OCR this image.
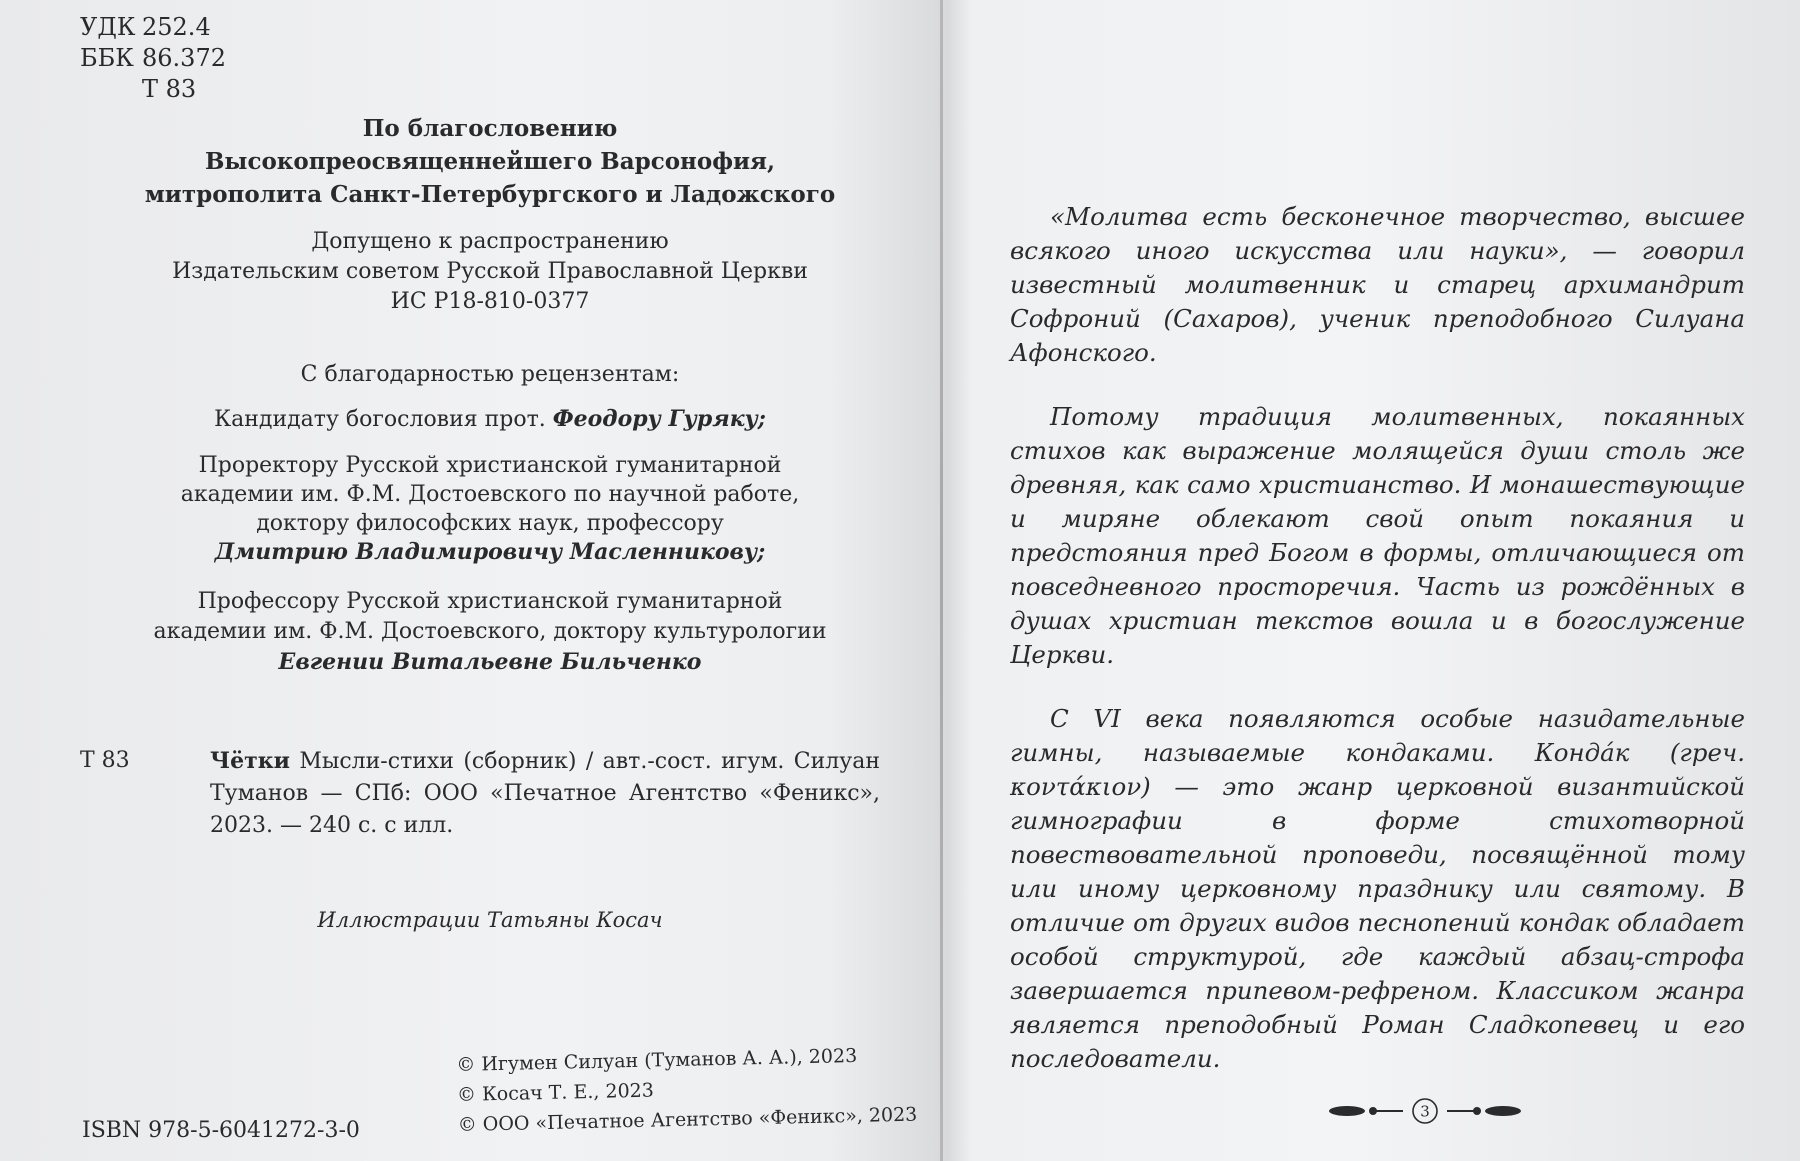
УДК 252.4
ББК 86.372
Т 83
По благословению
Высокопреосвященнейшего Варсонофия,
митрополита Санкт-Петербургского и Ладожского
Допущено к распространению
Издательским советом Русской Православной Церкви
ИС Р18-810-0377
С благодарностью рецензентам:
Кандидату богословия прот. Феодору Гуряку;
Проректору Русской христианской гуманитарной
академии им. Ф.М. Достоевского по научной работе,
доктору философских наук, профессору
Дмитрию Владимировичу Масленникову;
Профессору Русской христианской гуманитарной
академии им. Ф.М. Достоевского, доктору культурологии
Евгении Витальевне Бильченко
Т 83	Чётки Мысли-стихи (сборник) / авт.-сост. игум. Силуан Туманов — СПб: ООО «Печатное Агентство «Феникс», 2023. — 240 с. с илл.
Иллюстрации Татьяны Косач
© Игумен Силуан (Туманов А. А.), 2023
© Косач Т. Е., 2023
© ООО «Печатное Агентство «Феникс», 2023
ISBN 978-5-6041272-3-0

«Молитва есть бесконечное творчество, высшее всякого иного искусства или науки», — говорил известный молитвенник и старец архимандрит Софроний (Сахаров), ученик преподобного Силуана Афонского.

Потому традиция молитвенных, покаянных стихов как выражение молящейся души столь же древняя, как само христианство. И монашествующие и миряне облекают свой опыт покаяния и предстояния пред Богом в формы, отличающиеся от повседневного просторечия. Часть из рождённых в душах христиан текстов вошла и в богослужение Церкви.

С VI века появляются особые назидательные гимны, называемые кондаками. Конда́к (греч. κοντάκιον) — это жанр церковной византийской гимнографии в форме стихотворной повествовательной проповеди, посвящённой тому или иному церковному празднику или святому. В отличие от других видов песнопений кондак обладает особой структурой, где каждый абзац-строфа завершается припевом-рефреном. Классиком жанра является преподобный Роман Сладкопевец и его последователи.

3
